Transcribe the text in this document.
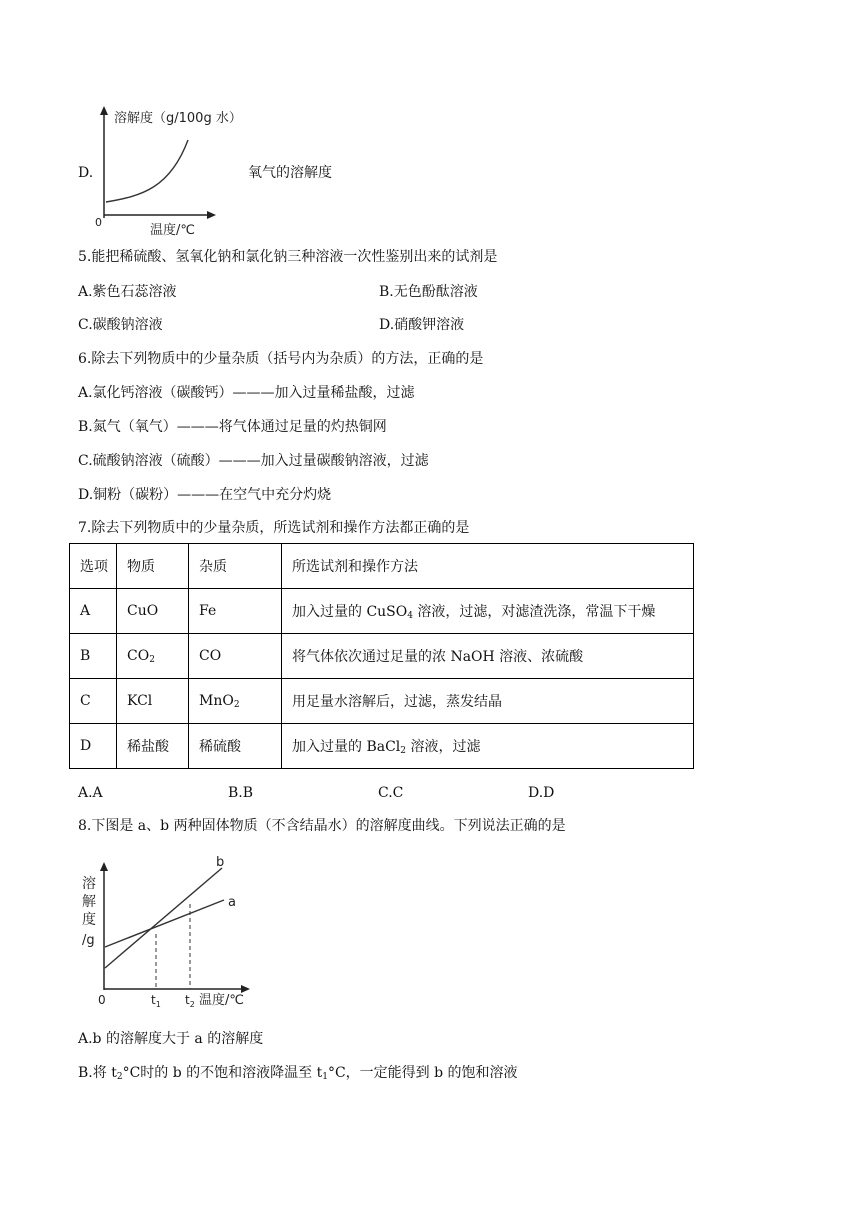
D.
溶解度（g/100g 水）
0
温度/℃
氧气的溶解度
5.能把稀硫酸、氢氧化钠和氯化钠三种溶液一次性鉴别出来的试剂是
A.紫色石蕊溶液	B.无色酚酞溶液
C.碳酸钠溶液	D.硝酸钾溶液
6.除去下列物质中的少量杂质（括号内为杂质）的方法，正确的是
A.氯化钙溶液（碳酸钙）———加入过量稀盐酸，过滤
B.氮气（氧气）———将气体通过足量的灼热铜网
C.硫酸钠溶液（硫酸）———加入过量碳酸钠溶液，过滤
D.铜粉（碳粉）———在空气中充分灼烧
7.除去下列物质中的少量杂质，所选试剂和操作方法都正确的是
选项	物质	杂质	所选试剂和操作方法
A	CuO	Fe	加入过量的 CuSO$_4$ 溶液，过滤，对滤渣洗涤，常温下干燥
B	$CO_2$	CO	将气体依次通过足量的浓 NaOH 溶液、浓硫酸
C	KCl	MnO$_2$	用足量水溶解后，过滤，蒸发结晶
D	稀盐酸	稀硫酸	加入过量的 BaCl$_2$ 溶液，过滤
A.A	B.B	C.C	D.D
8.下图是 a、b 两种固体物质（不含结晶水）的溶解度曲线。下列说法正确的是
溶
解
度
/g
b
a
0	$t_1$ $t_2$ 温度/℃
A.b 的溶解度大于 a 的溶解度
B.将 $t_2^\circ C$时的 b 的不饱和溶液降温至 $t_1^\circ C$，一定能得到 b 的饱和溶液
